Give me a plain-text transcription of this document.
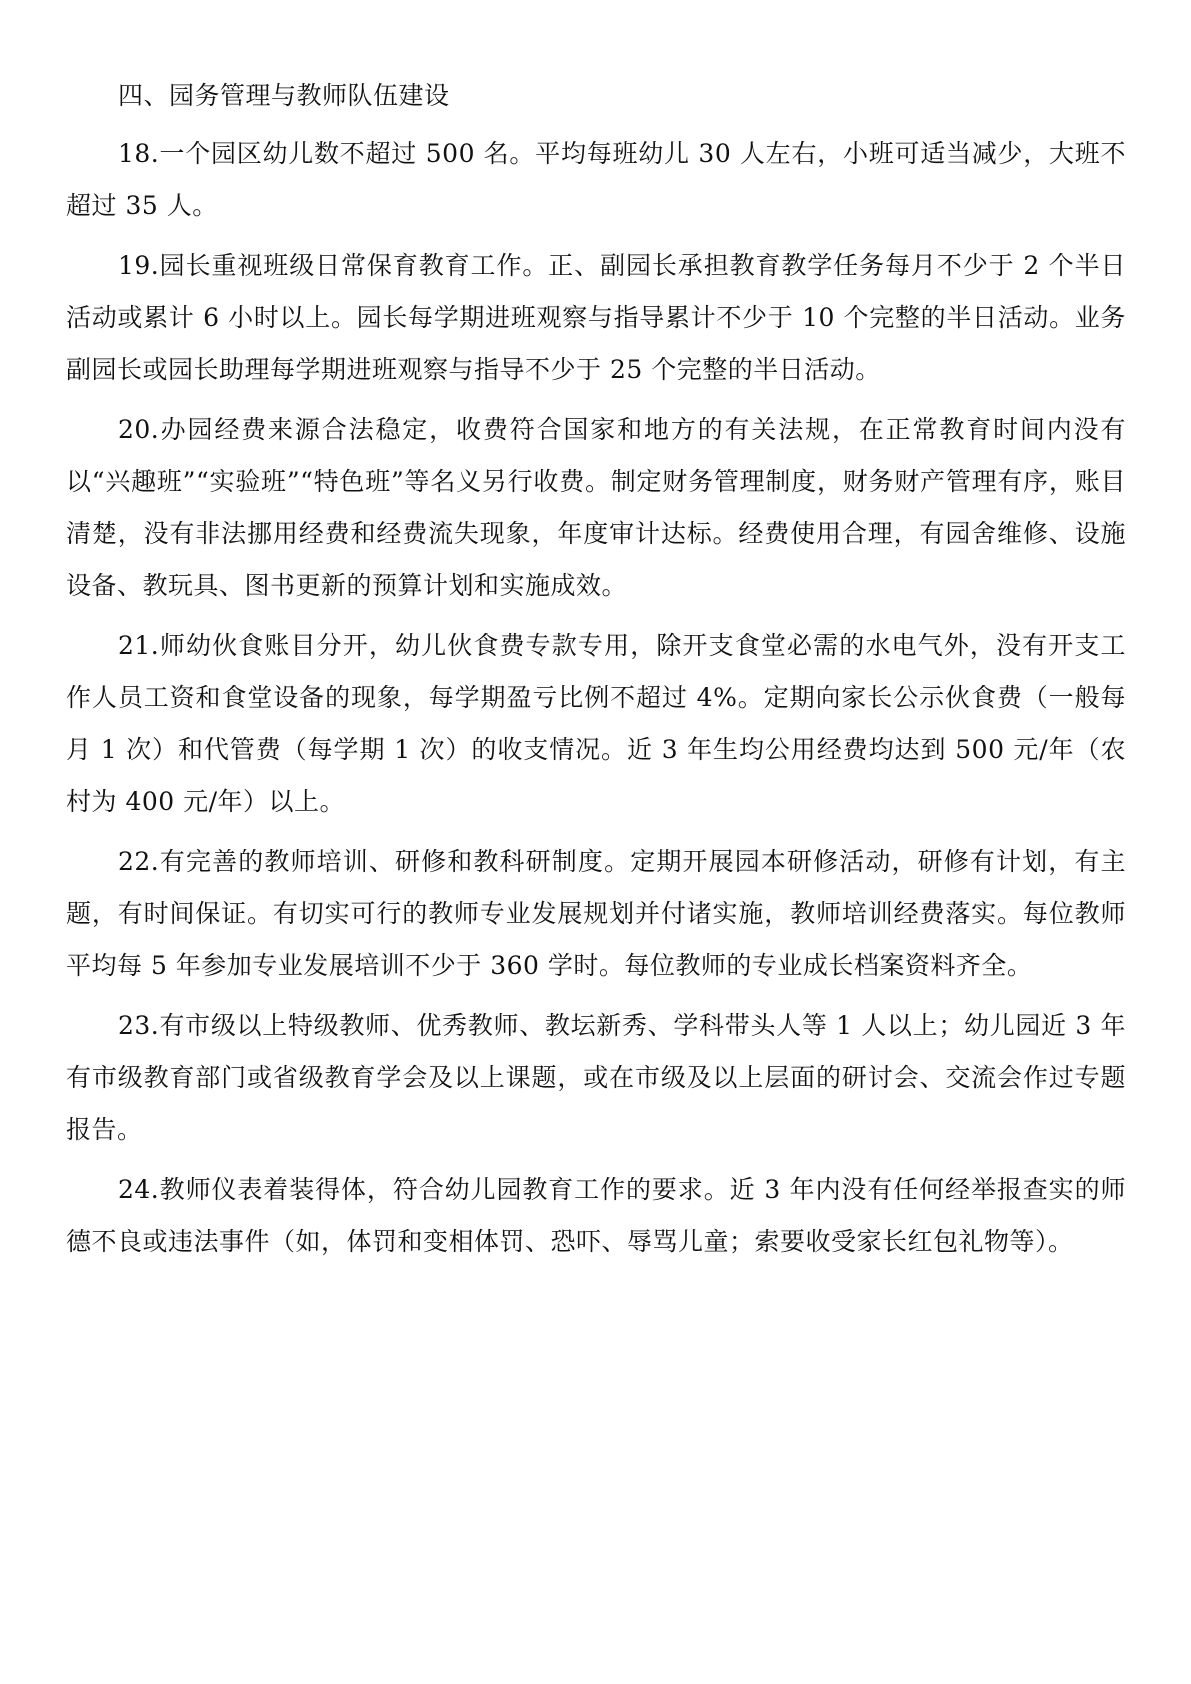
四、园务管理与教师队伍建设

18.一个园区幼儿数不超过 500 名。平均每班幼儿 30 人左右，小班可适当减少，大班不超过 35 人。

19.园长重视班级日常保育教育工作。正、副园长承担教育教学任务每月不少于 2 个半日活动或累计 6 小时以上。园长每学期进班观察与指导累计不少于 10 个完整的半日活动。业务副园长或园长助理每学期进班观察与指导不少于 25 个完整的半日活动。

20.办园经费来源合法稳定，收费符合国家和地方的有关法规，在正常教育时间内没有以“兴趣班”“实验班”“特色班”等名义另行收费。制定财务管理制度，财务财产管理有序，账目清楚，没有非法挪用经费和经费流失现象，年度审计达标。经费使用合理，有园舍维修、设施设备、教玩具、图书更新的预算计划和实施成效。

21.师幼伙食账目分开，幼儿伙食费专款专用，除开支食堂必需的水电气外，没有开支工作人员工资和食堂设备的现象，每学期盈亏比例不超过 4%。定期向家长公示伙食费（一般每月 1 次）和代管费（每学期 1 次）的收支情况。近 3 年生均公用经费均达到 500 元/年（农村为 400 元/年）以上。

22.有完善的教师培训、研修和教科研制度。定期开展园本研修活动，研修有计划，有主题，有时间保证。有切实可行的教师专业发展规划并付诸实施，教师培训经费落实。每位教师平均每 5 年参加专业发展培训不少于 360 学时。每位教师的专业成长档案资料齐全。

23.有市级以上特级教师、优秀教师、教坛新秀、学科带头人等 1 人以上；幼儿园近 3 年有市级教育部门或省级教育学会及以上课题，或在市级及以上层面的研讨会、交流会作过专题报告。

24.教师仪表着装得体，符合幼儿园教育工作的要求。近 3 年内没有任何经举报查实的师德不良或违法事件（如，体罚和变相体罚、恐吓、辱骂儿童；索要收受家长红包礼物等）。
